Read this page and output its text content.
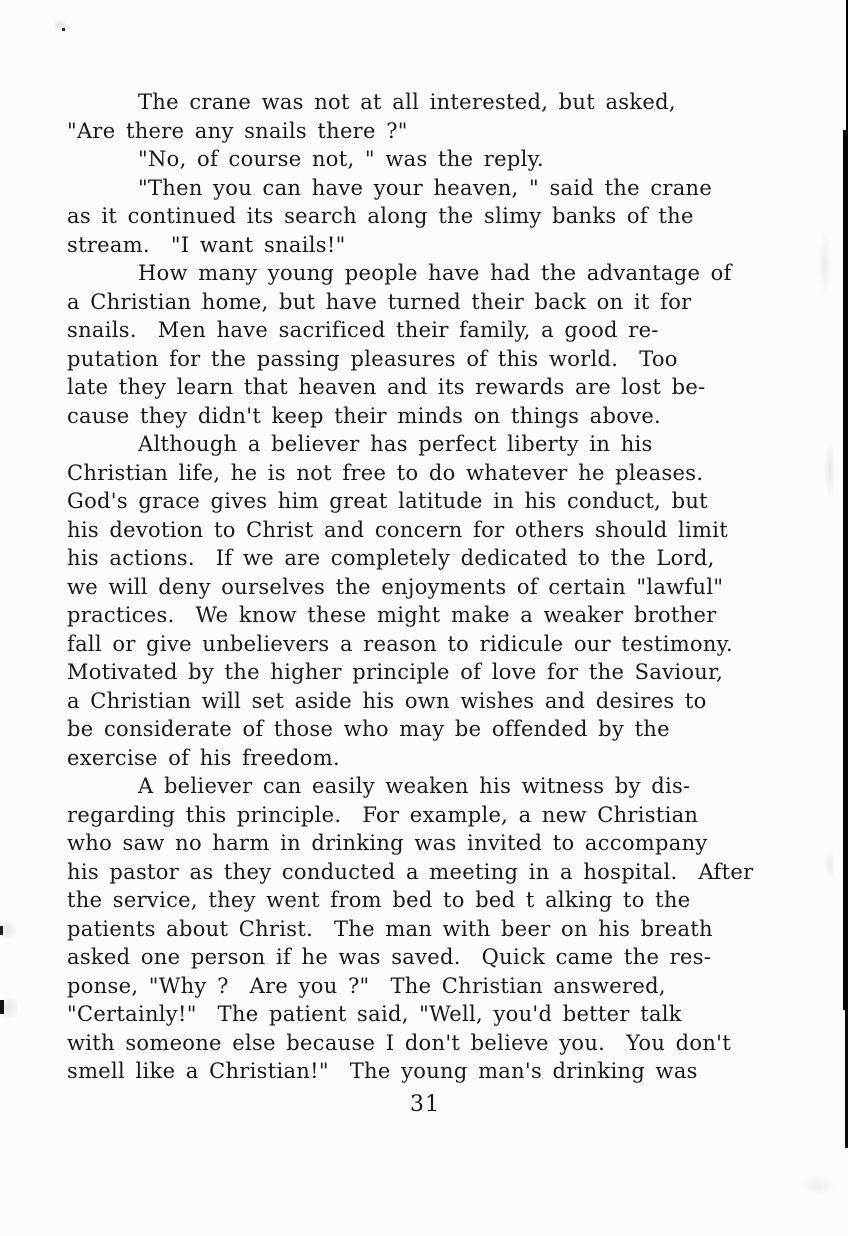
The crane was not at all interested, but asked,
"Are there any snails there ?"
"No, of course not, " was the reply.
"Then you can have your heaven, " said the crane
as it continued its search along the slimy banks of the
stream.  "I want snails!"
How many young people have had the advantage of
a Christian home, but have turned their back on it for
snails.  Men have sacrificed their family, a good re-
putation for the passing pleasures of this world.  Too
late they learn that heaven and its rewards are lost be-
cause they didn't keep their minds on things above.
Although a believer has perfect liberty in his
Christian life, he is not free to do whatever he pleases.
God's grace gives him great latitude in his conduct, but
his devotion to Christ and concern for others should limit
his actions.  If we are completely dedicated to the Lord,
we will deny ourselves the enjoyments of certain "lawful"
practices.  We know these might make a weaker brother
fall or give unbelievers a reason to ridicule our testimony.
Motivated by the higher principle of love for the Saviour,
a Christian will set aside his own wishes and desires to
be considerate of those who may be offended by the
exercise of his freedom.
A believer can easily weaken his witness by dis-
regarding this principle.  For example, a new Christian
who saw no harm in drinking was invited to accompany
his pastor as they conducted a meeting in a hospital.  After
the service, they went from bed to bed t alking to the
patients about Christ.  The man with beer on his breath
asked one person if he was saved.  Quick came the res-
ponse, "Why ?  Are you ?"  The Christian answered,
"Certainly!"  The patient said, "Well, you'd better talk
with someone else because I don't believe you.  You don't
smell like a Christian!"  The young man's drinking was
31
